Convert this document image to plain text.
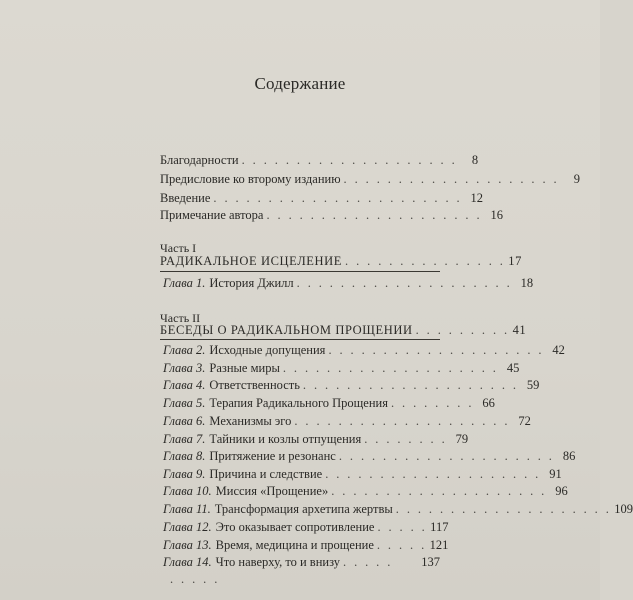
Содержание
Благодарности . . . . . . . . . . . . . . . . . . . .	8
Предисловие ко второму изданию . . . . . . . . . . . . . . . . . . . .	9
Введение . . . . . . . . . . . . . . . . . . . . . . . 12
Примечание автора . . . . . . . . . . . . . . . . . . . . 16
Часть I
РАДИКАЛЬНОЕ ИСЦЕЛЕНИЕ . . . . . . . . . . . . . . . 17
Глава 1. История Джилл . . . . . . . . . . . . . . . . . . . . 18
Часть II
БЕСЕДЫ О РАДИКАЛЬНОМ ПРОЩЕНИИ . . . . . . . . . 41
Глава 2. Исходные допущения . . . . . . . . . . . . . . . . . . . . 42
Глава 3. Разные миры . . . . . . . . . . . . . . . . . . . . 45
Глава 4. Ответственность . . . . . . . . . . . . . . . . . . . . 59
Глава 5. Терапия Радикального Прощения . . . . . . . . 66
Глава 6. Механизмы эго . . . . . . . . . . . . . . . . . . . . 72
Глава 7. Тайники и козлы отпущения . . . . . . . . 79
Глава 8. Притяжение и резонанс . . . . . . . . . . . . . . . . . . . . 86
Глава 9. Причина и следствие . . . . . . . . . . . . . . . . . . . . 91
Глава 10. Миссия «Прощение» . . . . . . . . . . . . . . . . . . . . 96
Глава 11. Трансформация архетипа жертвы . . . . . . . . . . . . . . . . . . . . 109
Глава 12. Это оказывает сопротивление . . . . . 117
Глава 13. Время, медицина и прощение . . . . . 121
Глава 14. Что наверху, то и внизу . . . . .	137
. . . . .
